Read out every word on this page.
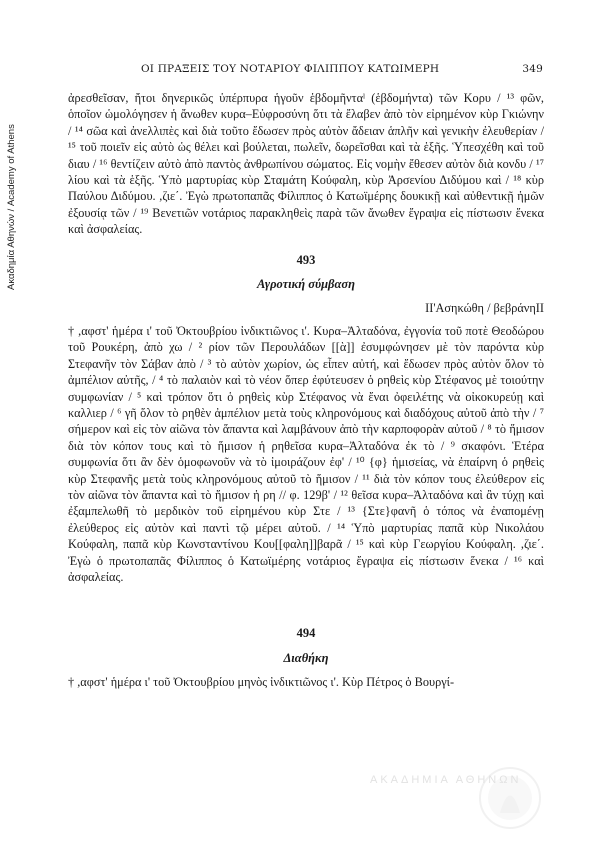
Ακαδημία Αθηνών / Academy of Athens
ΟΙ ΠΡΑΞΕΙΣ ΤΟΥ ΝΟΤΑΡΙΟΥ ΦΙΛΙΠΠΟΥ ΚΑΤΩΙΜΕΡΗ	349

ἀρεσθεῖσαν, ἤτοι δηνερικῶς ὑπέρπυρα ἡγοῦν ἑβδομῆνταˡ (ἑβδομήντα) τῶν Κορυ / ¹³ φῶν, ὁποῖον ὡμολόγησεν ἡ ἄνωθεν κυρα–Εὐφροσύνη ὅτι τὰ ἔλαβεν ἀπὸ τὸν εἰρημένον κὺρ Γκιώνην / ¹⁴ σῶα καὶ ἀνελλιπὲς καὶ διὰ τοῦτο ἔδωσεν πρὸς αὐτὸν ἄδειαν ἁπλῆν καὶ γενικὴν ἐλευθερίαν / ¹⁵ τοῦ ποιεῖν εἰς αὐτὸ ὡς θέλει καὶ βούλεται, πωλεῖν, δωρεῖσθαι καὶ τὰ ἑξῆς. Ὑπεσχέθη καὶ τοῦ διαυ / ¹⁶ θεντίζειν αὐτὸ ἀπὸ παντὸς ἀνθρωπίνου σώματος. Εἰς νομὴν ἔθεσεν αὐτὸν διὰ κονδυ / ¹⁷ λίου καὶ τὰ ἑξῆς. Ὑπὸ μαρτυρίας κὺρ Σταμάτη Κούφαλη, κὺρ Ἀρσενίου Διδύμου καὶ / ¹⁸ κὺρ Παύλου Διδύμου. ,ζιε΄. Ἐγὼ πρωτοπαπᾶς Φίλιππος ὁ Κατωϊμέρης δουκικῇ καὶ αὐθεντικῇ ἡμῶν ἐξουσίᾳ τῶν / ¹⁹ Βενετιῶν νοτάριος παρακληθεὶς παρὰ τῶν ἄνωθεν ἔγραψα εἰς πίστωσιν ἕνεκα καὶ ἀσφαλείας.

493

Αγροτική σύμβαση

ΙΙ'Ασηκώθη / βεβράνηΙΙ

† ,αφστ' ἡμέρα ι' τοῦ Ὀκτουβρίου ἰνδικτιῶνος ι'. Κυρα–Ἀλταδόνα, ἐγγονία τοῦ ποτὲ Θεοδώρου τοῦ Ρουκέρη, ἀπὸ χω / ² ρίον τῶν Περουλάδων [[ὰ]] ἐσυμφώνησεν μὲ τὸν παρόντα κὺρ Στεφανῆν τὸν Σάβαν ἀπὸ / ³ τὸ αὐτὸν χωρίον, ὡς εἶπεν αὐτή, καὶ ἔδωσεν πρὸς αὐτὸν ὅλον τὸ ἀμπέλιον αὐτῆς, / ⁴ τὸ παλαιὸν καὶ τὸ νέον ὅπερ ἐφύτευσεν ὁ ρηθεὶς κὺρ Στέφανος μὲ τοιούτην συμφωνίαν / ⁵ καὶ τρόπον ὅτι ὁ ρηθεὶς κὺρ Στέφανος νὰ ἔναι ὀφειλέτης νὰ οἰκοκυρεύῃ καὶ καλλιερ / ⁶ γῆ ὅλον τὸ ρηθὲν ἀμπέλιον μετὰ τοὺς κληρονόμους καὶ διαδόχους αὐτοῦ ἀπὸ τὴν / ⁷ σήμερον καὶ εἰς τὸν αἰῶνα τὸν ἅπαντα καὶ λαμβάνουν ἀπὸ τὴν καρποφορὰν αὐτοῦ / ⁸ τὸ ἥμισον διὰ τὸν κόπον τους καὶ τὸ ἥμισον ἡ ρηθεῖσα κυρα–Ἀλταδόνα ἐκ τὸ / ⁹ σκαφόνι. Ἑτέρα συμφωνία ὅτι ἂν δὲν ὁμοφωνοῦν νὰ τὸ ἰμοιράζουν ἐφ' / ¹⁰ {φ} ἡμισείας, νὰ ἐπαίρνη ὁ ρηθεὶς κὺρ Στεφανῆς μετὰ τοὺς κληρονόμους αὐτοῦ τὸ ἥμισον / ¹¹ διὰ τὸν κόπον τους ἐλεύθερον εἰς τὸν αἰῶνα τὸν ἅπαντα καὶ τὸ ἥμισον ἡ ρη // φ. 129β' / ¹² θεῖσα κυρα–Ἀλταδόνα καὶ ἂν τύχῃ καὶ ἐξαμπελωθῆ τὸ μερδικὸν τοῦ εἰρημένου κὺρ Στε / ¹³ {Στε}φανῆ ὁ τόπος νὰ ἐναπομένῃ ἐλεύθερος εἰς αὐτὸν καὶ παντὶ τῷ μέρει αὐτοῦ. / ¹⁴ Ὑπὸ μαρτυρίας παπᾶ κὺρ Νικολάου Κούφαλη, παπᾶ κὺρ Κωνσταντίνου Κου[[φαλη]]βαρᾶ / ¹⁵ καὶ κὺρ Γεωργίου Κούφαλη. ,ζιε΄. Ἐγὼ ὁ πρωτοπαπᾶς Φίλιππος ὁ Κατωϊμέρης νοτάριος ἔγραψα εἰς πίστωσιν ἕνεκα / ¹⁶ καὶ ἀσφαλείας.

494

Διαθήκη

† ,αφστ' ἡμέρα ι' τοῦ Ὀκτουβρίου μηνὸς ἰνδικτιῶνος ι'. Κὺρ Πέτρος ὁ Βουργί-

ΑΚΑΔΗΜΙΑ ΑΘΗΝΩΝ
